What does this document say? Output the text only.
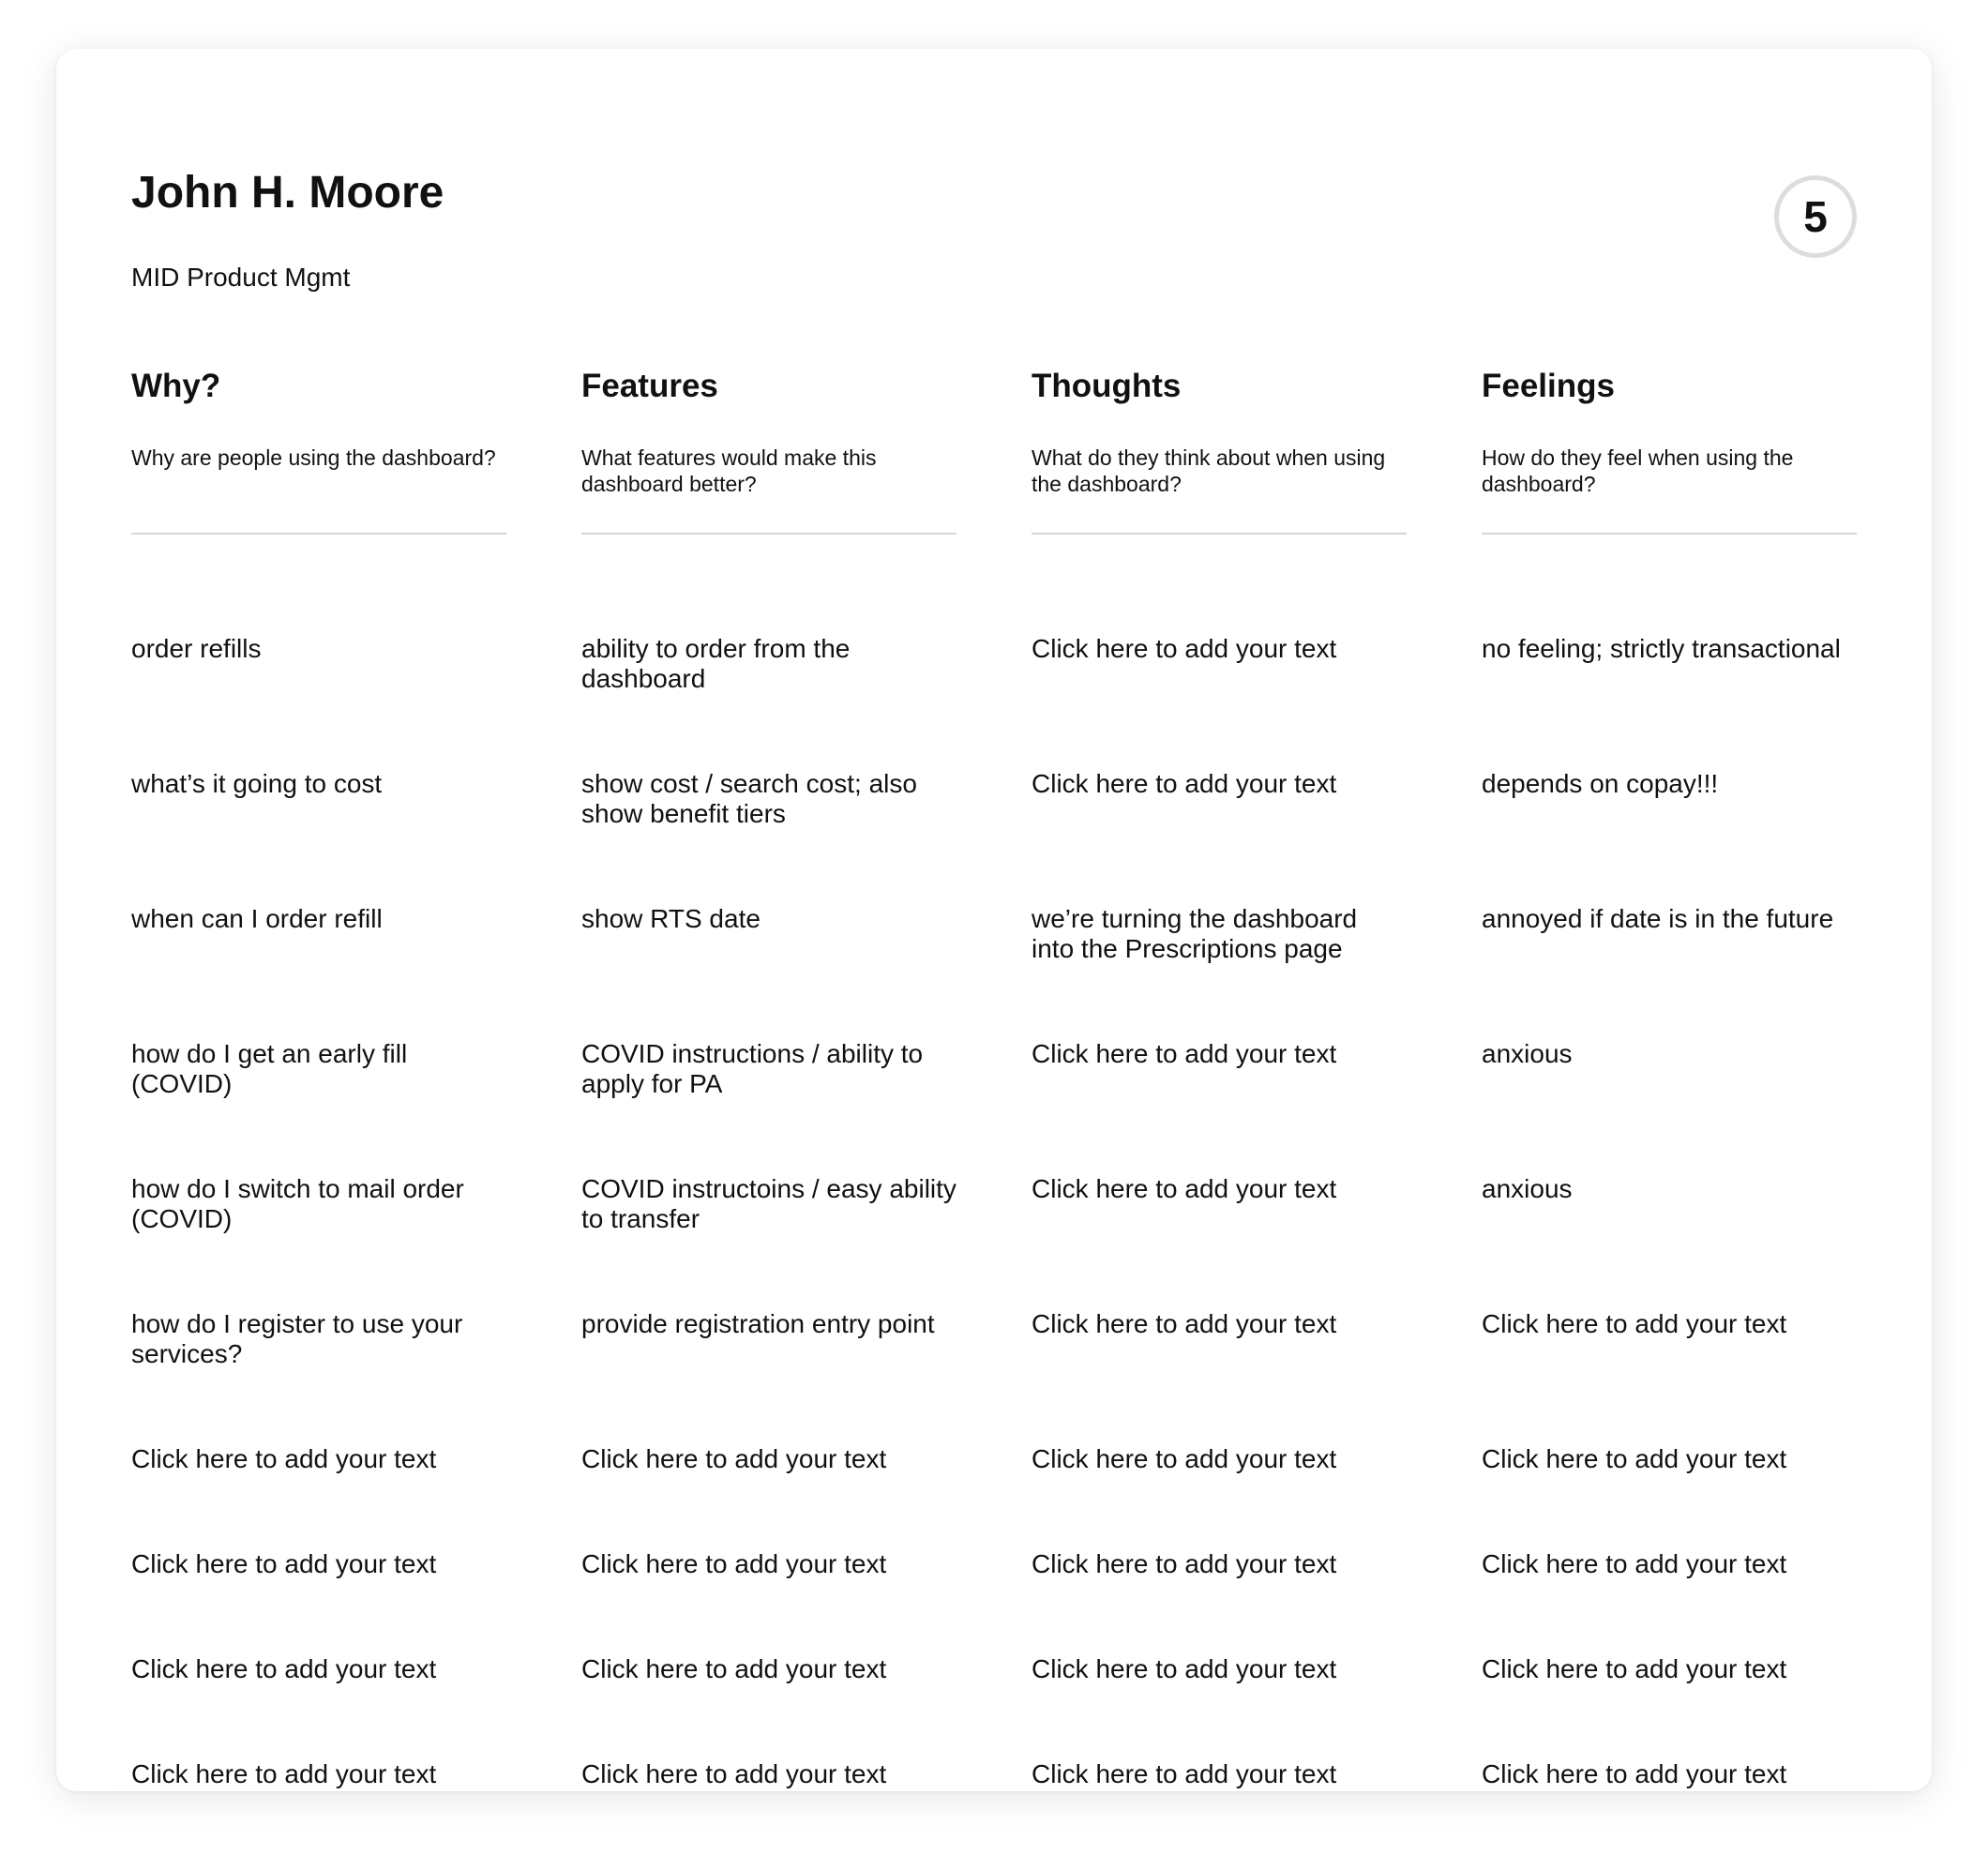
John H. Moore

MID Product Mgmt

5
Why?

Why are people using the dashboard?

order refills

what’s it going to cost

when can I order refill

how do I get an early fill (COVID)

how do I switch to mail order (COVID)

how do I register to use your services?

Click here to add your text

Click here to add your text

Click here to add your text

Click here to add your text

Features

What features would make this dashboard better?

ability to order from the dashboard

show cost / search cost; also show benefit tiers

show RTS date

COVID instructions / ability to apply for PA

COVID instructoins / easy ability to transfer

provide registration entry point

Click here to add your text

Click here to add your text

Click here to add your text

Click here to add your text

Thoughts

What do they think about when using the dashboard?

Click here to add your text

Click here to add your text

we’re turning the dashboard into the Prescriptions page

Click here to add your text

Click here to add your text

Click here to add your text

Click here to add your text

Click here to add your text

Click here to add your text

Click here to add your text

Feelings

How do they feel when using the dashboard?

no feeling; strictly transactional

depends on copay!!!

annoyed if date is in the future

anxious

anxious

Click here to add your text

Click here to add your text

Click here to add your text

Click here to add your text

Click here to add your text
